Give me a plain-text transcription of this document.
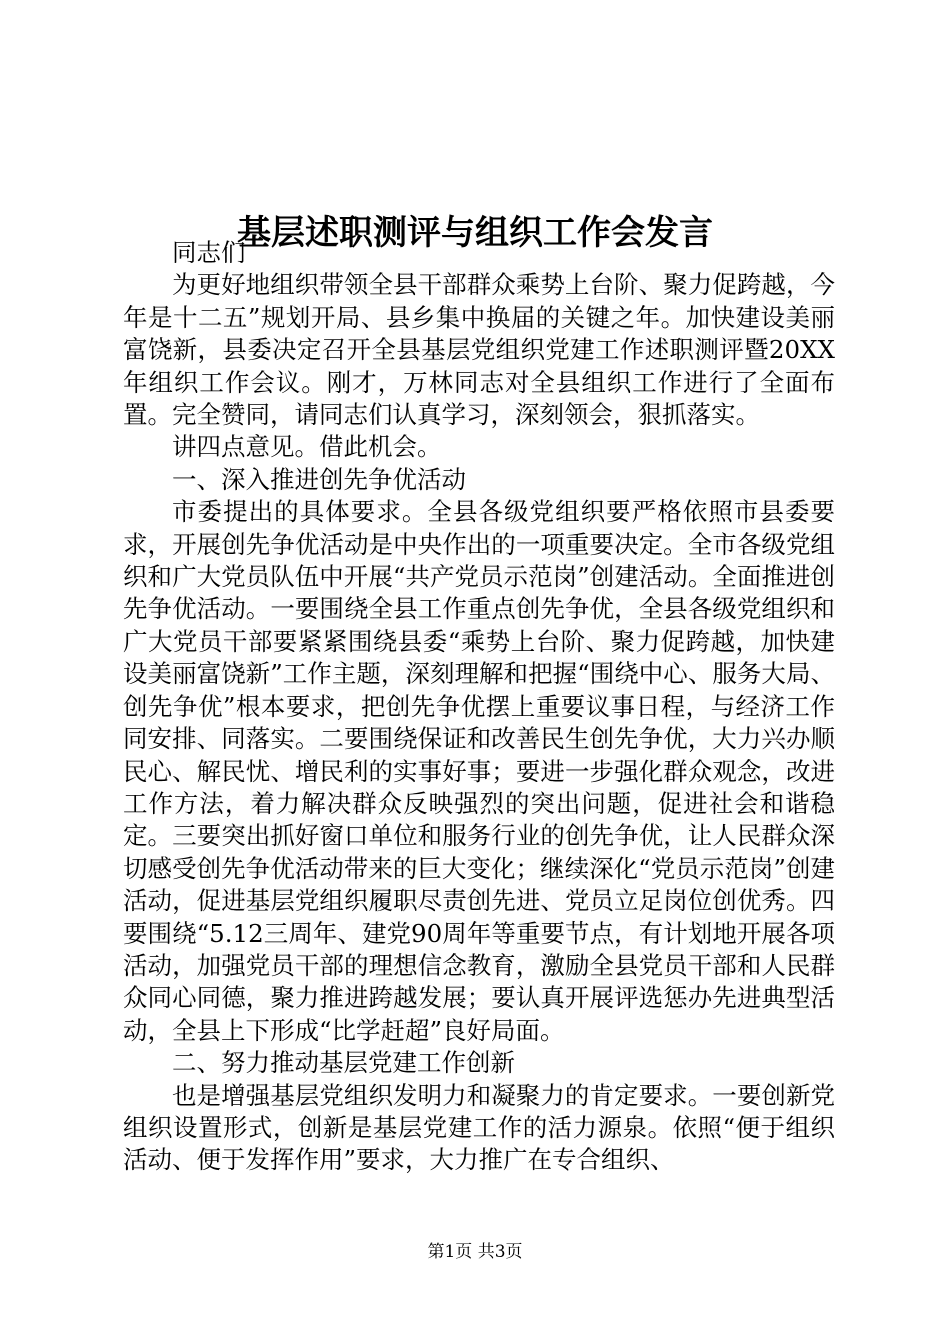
基层述职测评与组织工作会发言

同志们

为更好地组织带领全县干部群众乘势上台阶、聚力促跨越，今年是十二五”规划开局、县乡集中换届的关键之年。加快建设美丽富饶新，县委决定召开全县基层党组织党建工作述职测评暨20XX年组织工作会议。刚才，万林同志对全县组织工作进行了全面布置。完全赞同，请同志们认真学习，深刻领会，狠抓落实。

讲四点意见。借此机会。

一、深入推进创先争优活动

市委提出的具体要求。全县各级党组织要严格依照市县委要求，开展创先争优活动是中央作出的一项重要决定。全市各级党组织和广大党员队伍中开展“共产党员示范岗”创建活动。全面推进创先争优活动。一要围绕全县工作重点创先争优，全县各级党组织和广大党员干部要紧紧围绕县委“乘势上台阶、聚力促跨越，加快建设美丽富饶新”工作主题，深刻理解和把握“围绕中心、服务大局、创先争优”根本要求，把创先争优摆上重要议事日程，与经济工作同安排、同落实。二要围绕保证和改善民生创先争优，大力兴办顺民心、解民忧、增民利的实事好事；要进一步强化群众观念，改进工作方法，着力解决群众反映强烈的突出问题，促进社会和谐稳定。三要突出抓好窗口单位和服务行业的创先争优，让人民群众深切感受创先争优活动带来的巨大变化；继续深化“党员示范岗”创建活动，促进基层党组织履职尽责创先进、党员立足岗位创优秀。四要围绕“5.12三周年、建党90周年等重要节点，有计划地开展各项活动，加强党员干部的理想信念教育，激励全县党员干部和人民群众同心同德，聚力推进跨越发展；要认真开展评选惩办先进典型活动，全县上下形成“比学赶超”良好局面。

二、努力推动基层党建工作创新

也是增强基层党组织发明力和凝聚力的肯定要求。一要创新党组织设置形式，创新是基层党建工作的活力源泉。依照“便于组织活动、便于发挥作用”要求，大力推广在专合组织、

第1页 共3页
